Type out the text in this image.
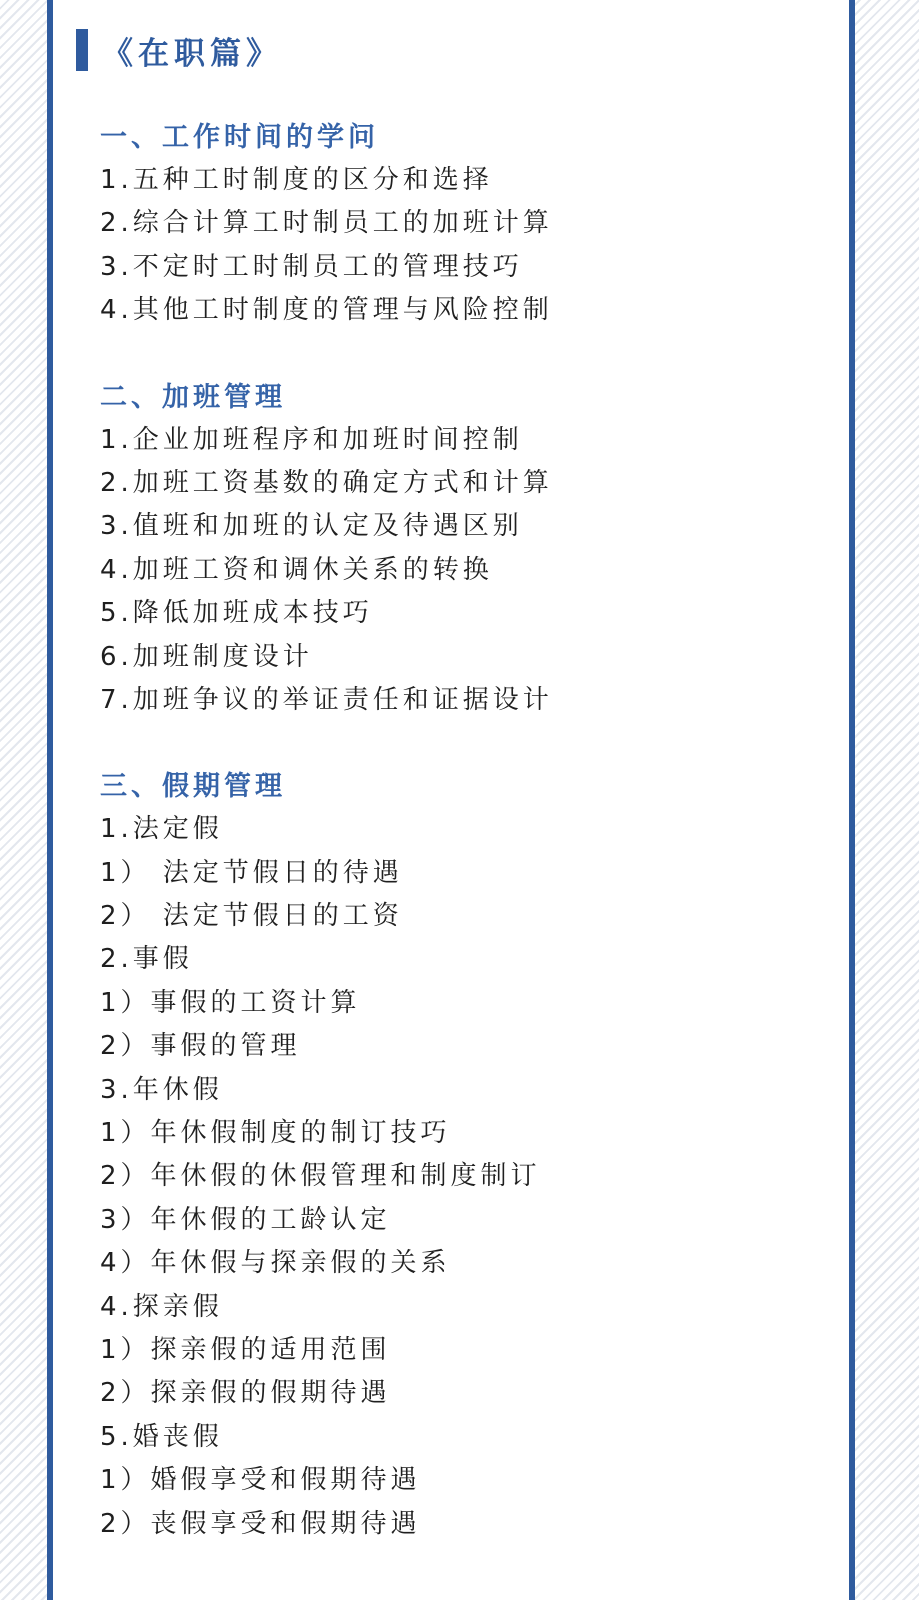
《在职篇》
一、工作时间的学问
1.五种工时制度的区分和选择
2.综合计算工时制员工的加班计算
3.不定时工时制员工的管理技巧
4.其他工时制度的管理与风险控制
二、加班管理
1.企业加班程序和加班时间控制
2.加班工资基数的确定方式和计算
3.值班和加班的认定及待遇区别
4.加班工资和调休关系的转换
5.降低加班成本技巧
6.加班制度设计
7.加班争议的举证责任和证据设计
三、假期管理
1.法定假
1） 法定节假日的待遇
2） 法定节假日的工资
2.事假
1）事假的工资计算
2）事假的管理
3.年休假
1）年休假制度的制订技巧
2）年休假的休假管理和制度制订
3）年休假的工龄认定
4）年休假与探亲假的关系
4.探亲假
1）探亲假的适用范围
2）探亲假的假期待遇
5.婚丧假
1）婚假享受和假期待遇
2）丧假享受和假期待遇
